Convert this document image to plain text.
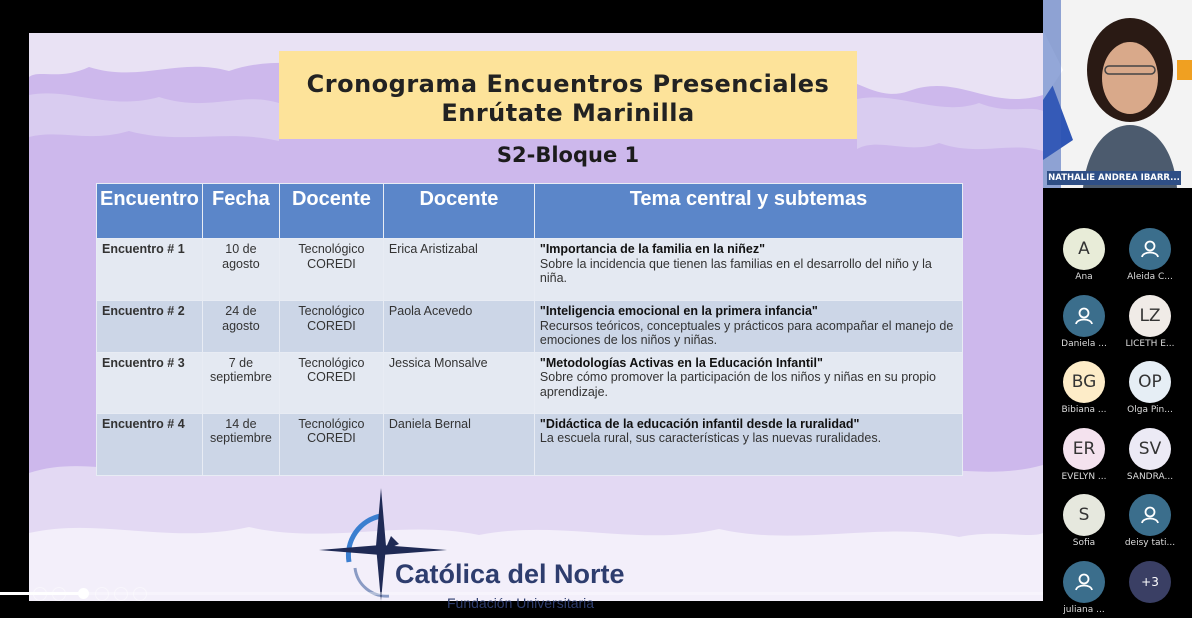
Cronograma Encuentros Presenciales
Enrútate Marinilla
S2-Bloque 1
Encuentro	Fecha	Docente	Docente	Tema central y subtemas
Encuentro # 1	10 de agosto	Tecnológico COREDI	Erica Aristizabal	"Importancia de la familia en la niñez"
Sobre la incidencia que tienen las familias en el desarrollo del niño y la niña.
Encuentro # 2	24 de agosto	Tecnológico COREDI	Paola Acevedo	"Inteligencia emocional en la primera infancia"
Recursos teóricos, conceptuales y prácticos para acompañar el manejo de emociones de los niños y niñas.
Encuentro # 3	7 de septiembre	Tecnológico COREDI	Jessica Monsalve	"Metodologías Activas en la Educación Infantil"
Sobre cómo promover la participación de los niños y niñas en su propio aprendizaje.
Encuentro # 4	14 de septiembre	Tecnológico COREDI	Daniela Bernal	"Didáctica de la educación infantil desde la ruralidad"
La escuela rural, sus características y las nuevas ruralidades.
Católica del Norte
Fundación Universitaria
NATHALIE ANDREA IBARR...
A
Ana	Aleida C...
Daniela ...
LZ
LICETH E...
BG
Bibiana ...
OP
Olga Pin...
ER
EVELYN ...
SV
SANDRA...
S
Sofia	deisy tati...
juliana ...
+3
